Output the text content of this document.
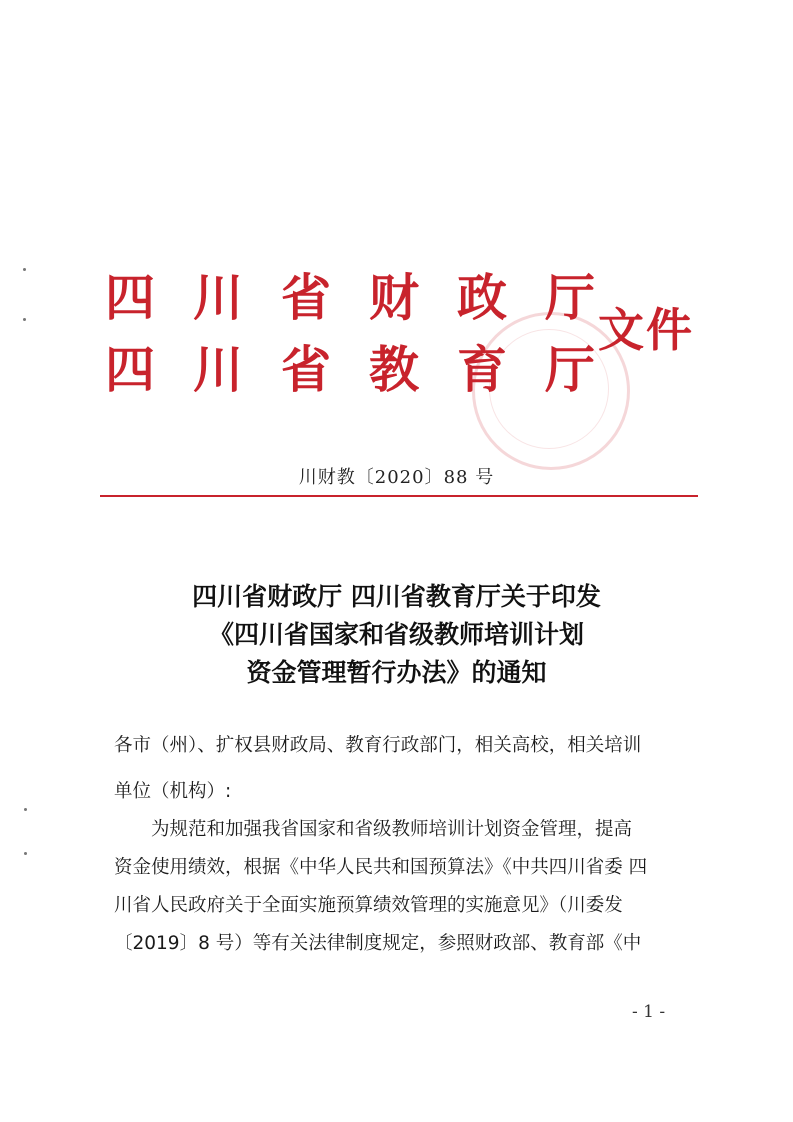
四 川 省 财 政 厅
四 川 省 教 育 厅
文件
川财教〔2020〕88 号
四川省财政厅 四川省教育厅关于印发
《四川省国家和省级教师培训计划
资金管理暂行办法》的通知
各市（州）、扩权县财政局、教育行政部门，相关高校，相关培训
单位（机构）:
　　为规范和加强我省国家和省级教师培训计划资金管理，提高
资金使用绩效，根据《中华人民共和国预算法》《中共四川省委 四
川省人民政府关于全面实施预算绩效管理的实施意见》（川委发
〔2019〕8 号）等有关法律制度规定，参照财政部、教育部《中
- 1 -
